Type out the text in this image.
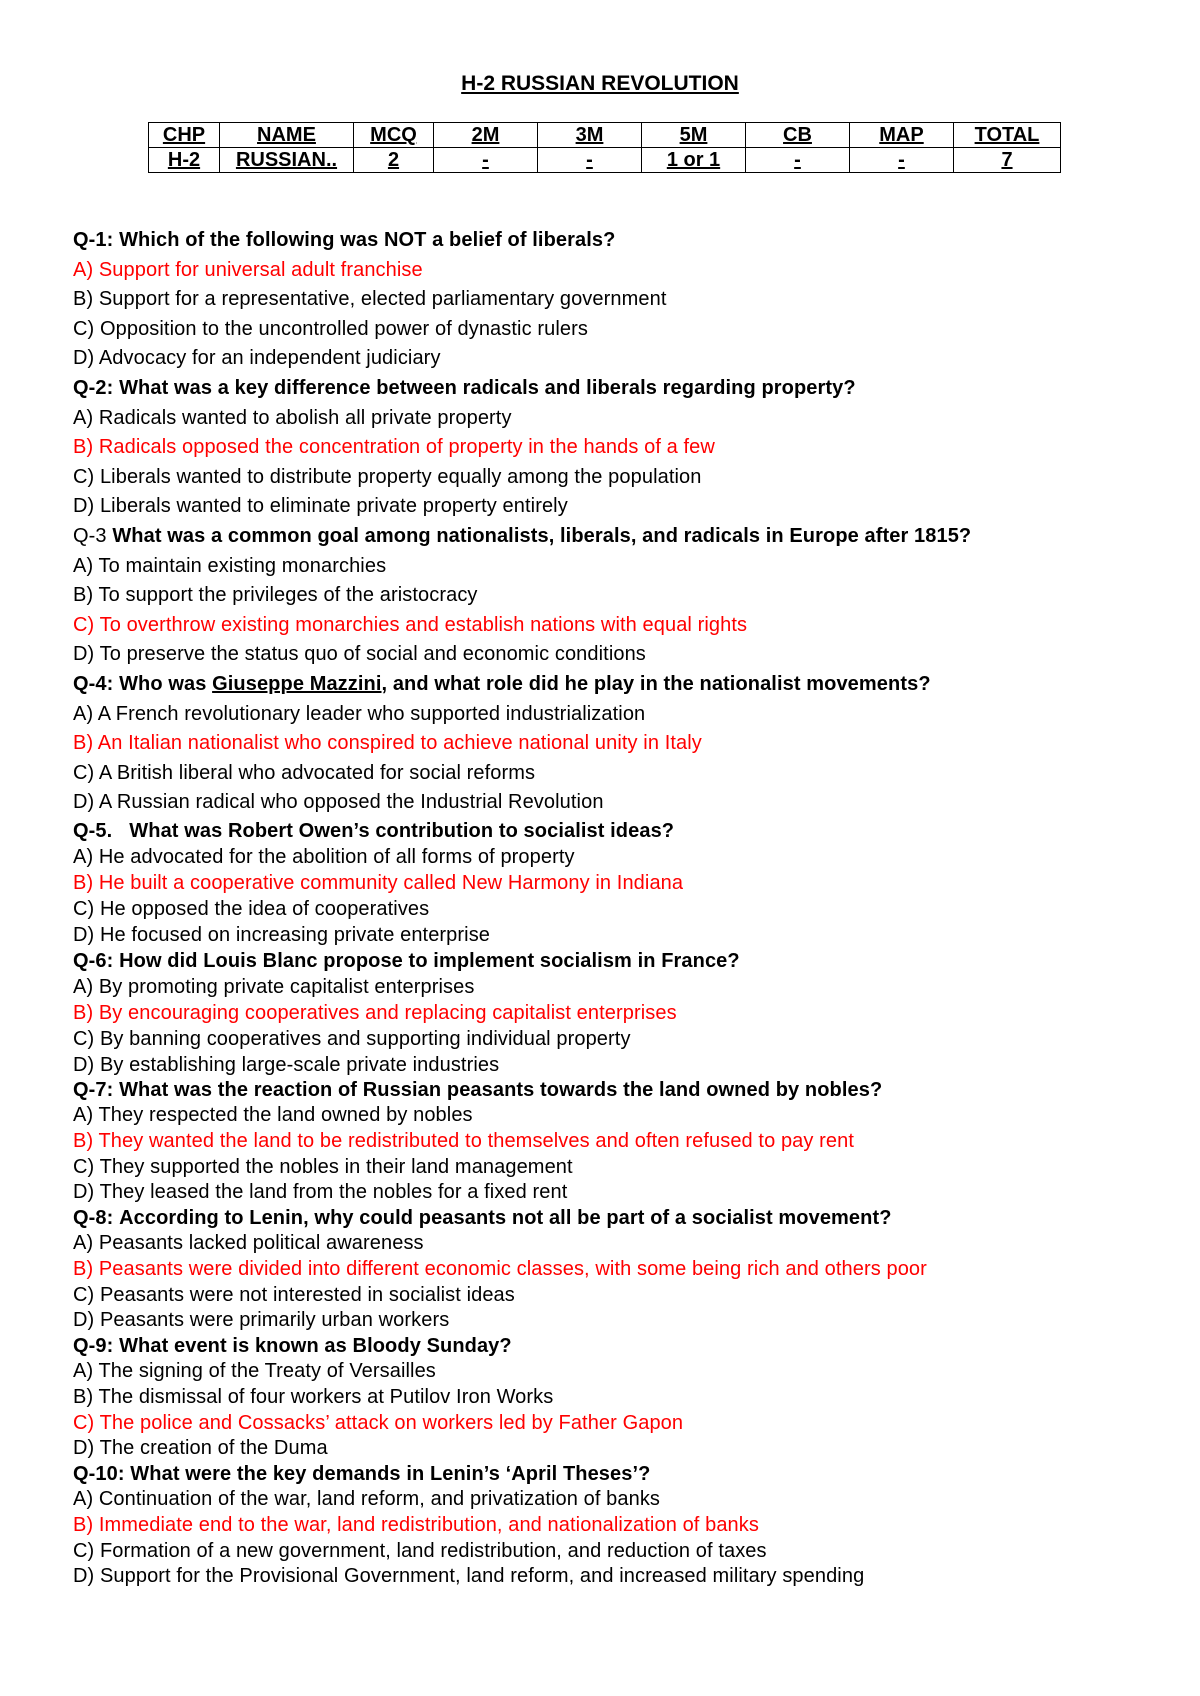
H-2 RUSSIAN REVOLUTION
CHP	NAME	MCQ	2M	3M	5M	CB	MAP	TOTAL
H-2	RUSSIAN..	2	-	-	1 or 1	-	-	7
Q-1: Which of the following was NOT a belief of liberals?
A) Support for universal adult franchise
B) Support for a representative, elected parliamentary government
C) Opposition to the uncontrolled power of dynastic rulers
D) Advocacy for an independent judiciary
Q-2: What was a key difference between radicals and liberals regarding property?
A) Radicals wanted to abolish all private property
B) Radicals opposed the concentration of property in the hands of a few
C) Liberals wanted to distribute property equally among the population
D) Liberals wanted to eliminate private property entirely
Q-3 What was a common goal among nationalists, liberals, and radicals in Europe after 1815?
A) To maintain existing monarchies
B) To support the privileges of the aristocracy
C) To overthrow existing monarchies and establish nations with equal rights
D) To preserve the status quo of social and economic conditions
Q-4: Who was Giuseppe Mazzini, and what role did he play in the nationalist movements?
A) A French revolutionary leader who supported industrialization
B) An Italian nationalist who conspired to achieve national unity in Italy
C) A British liberal who advocated for social reforms
D) A Russian radical who opposed the Industrial Revolution
Q-5. What was Robert Owen’s contribution to socialist ideas?
A) He advocated for the abolition of all forms of property
B) He built a cooperative community called New Harmony in Indiana
C) He opposed the idea of cooperatives
D) He focused on increasing private enterprise
Q-6: How did Louis Blanc propose to implement socialism in France?
A) By promoting private capitalist enterprises
B) By encouraging cooperatives and replacing capitalist enterprises
C) By banning cooperatives and supporting individual property
D) By establishing large-scale private industries
Q-7: What was the reaction of Russian peasants towards the land owned by nobles?
A) They respected the land owned by nobles
B) They wanted the land to be redistributed to themselves and often refused to pay rent
C) They supported the nobles in their land management
D) They leased the land from the nobles for a fixed rent
Q-8: According to Lenin, why could peasants not all be part of a socialist movement?
A) Peasants lacked political awareness
B) Peasants were divided into different economic classes, with some being rich and others poor
C) Peasants were not interested in socialist ideas
D) Peasants were primarily urban workers
Q-9: What event is known as Bloody Sunday?
A) The signing of the Treaty of Versailles
B) The dismissal of four workers at Putilov Iron Works
C) The police and Cossacks’ attack on workers led by Father Gapon
D) The creation of the Duma
Q-10: What were the key demands in Lenin’s ‘April Theses’?
A) Continuation of the war, land reform, and privatization of banks
B) Immediate end to the war, land redistribution, and nationalization of banks
C) Formation of a new government, land redistribution, and reduction of taxes
D) Support for the Provisional Government, land reform, and increased military spending
